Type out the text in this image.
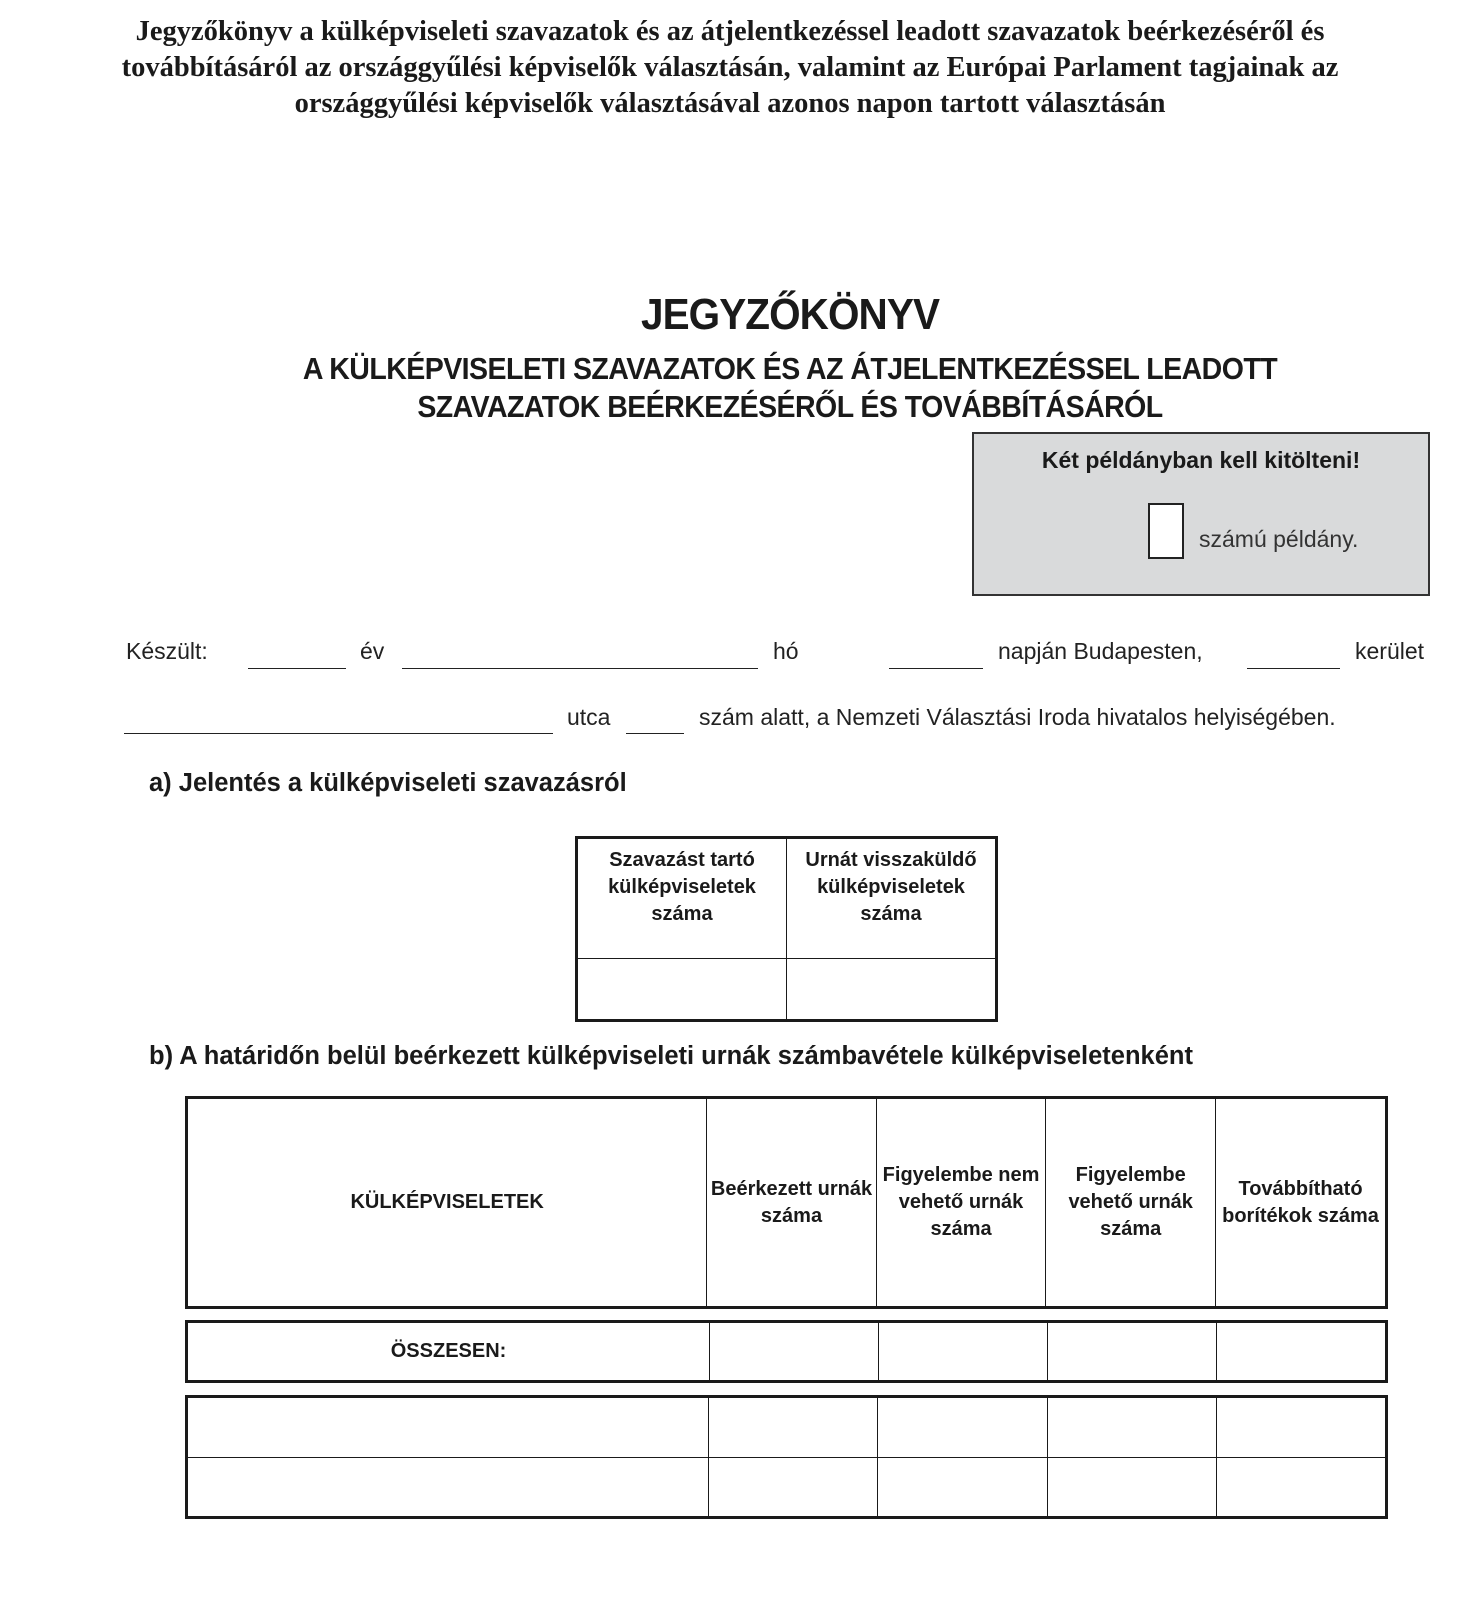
Jegyzőkönyv a külképviseleti szavazatok és az átjelentkezéssel leadott szavazatok beérkezéséről és továbbításáról az országgyűlési képviselők választásán, valamint az Európai Parlament tagjainak az országgyűlési képviselők választásával azonos napon tartott választásán
JEGYZŐKÖNYV
A KÜLKÉPVISELETI SZAVAZATOK ÉS AZ ÁTJELENTKEZÉSSEL LEADOTT
SZAVAZATOK BEÉRKEZÉSÉRŐL ÉS TOVÁBBÍTÁSÁRÓL
Két példányban kell kitölteni!
számú példány.
Készült:	év	hó	napján Budapesten,	kerület
utca	szám alatt, a Nemzeti Választási Iroda hivatalos helyiségében.
a) Jelentés a külképviseleti szavazásról
Szavazást tartó külképviseletek száma	Urnát visszaküldő külképviseletek száma

b) A határidőn belül beérkezett külképviseleti urnák számbavétele külképviseletenként
KÜLKÉPVISELETEK	Beérkezett urnák száma	Figyelembe nem vehető urnák száma	Figyelembe vehető urnák száma	Továbbítható borítékok száma
ÖSSZESEN:				
